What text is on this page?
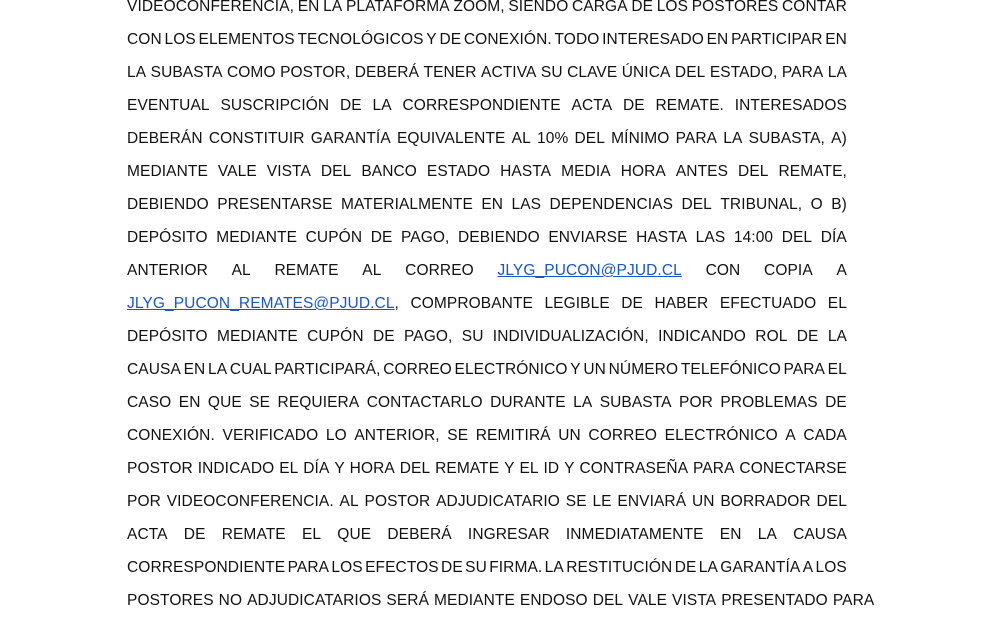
VIDEOCONFERENCIA, EN LA PLATAFORMA ZOOM, SIENDO CARGA DE LOS POSTORES CONTAR
CON LOS ELEMENTOS TECNOLÓGICOS Y DE CONEXIÓN. TODO INTERESADO EN PARTICIPAR EN
LA SUBASTA COMO POSTOR, DEBERÁ TENER ACTIVA SU CLAVE ÚNICA DEL ESTADO, PARA LA
EVENTUAL SUSCRIPCIÓN DE LA CORRESPONDIENTE ACTA DE REMATE. INTERESADOS
DEBERÁN CONSTITUIR GARANTÍA EQUIVALENTE AL 10% DEL MÍNIMO PARA LA SUBASTA, A)
MEDIANTE VALE VISTA DEL BANCO ESTADO HASTA MEDIA HORA ANTES DEL REMATE,
DEBIENDO PRESENTARSE MATERIALMENTE EN LAS DEPENDENCIAS DEL TRIBUNAL, O B)
DEPÓSITO MEDIANTE CUPÓN DE PAGO, DEBIENDO ENVIARSE HASTA LAS 14:00 DEL DÍA
ANTERIOR AL REMATE AL CORREO JLYG_PUCON@PJUD.CL CON COPIA A
JLYG_PUCON_REMATES@PJUD.CL, COMPROBANTE LEGIBLE DE HABER EFECTUADO EL
DEPÓSITO MEDIANTE CUPÓN DE PAGO, SU INDIVIDUALIZACIÓN, INDICANDO ROL DE LA
CAUSA EN LA CUAL PARTICIPARÁ, CORREO ELECTRÓNICO Y UN NÚMERO TELEFÓNICO PARA EL
CASO EN QUE SE REQUIERA CONTACTARLO DURANTE LA SUBASTA POR PROBLEMAS DE
CONEXIÓN. VERIFICADO LO ANTERIOR, SE REMITIRÁ UN CORREO ELECTRÓNICO A CADA
POSTOR INDICADO EL DÍA Y HORA DEL REMATE Y EL ID Y CONTRASEÑA PARA CONECTARSE
POR VIDEOCONFERENCIA. AL POSTOR ADJUDICATARIO SE LE ENVIARÁ UN BORRADOR DEL
ACTA DE REMATE EL QUE DEBERÁ INGRESAR INMEDIATAMENTE EN LA CAUSA
CORRESPONDIENTE PARA LOS EFECTOS DE SU FIRMA. LA RESTITUCIÓN DE LA GARANTÍA A LOS
POSTORES NO ADJUDICATARIOS SERÁ MEDIANTE ENDOSO DEL VALE VISTA PRESENTADO PARA
